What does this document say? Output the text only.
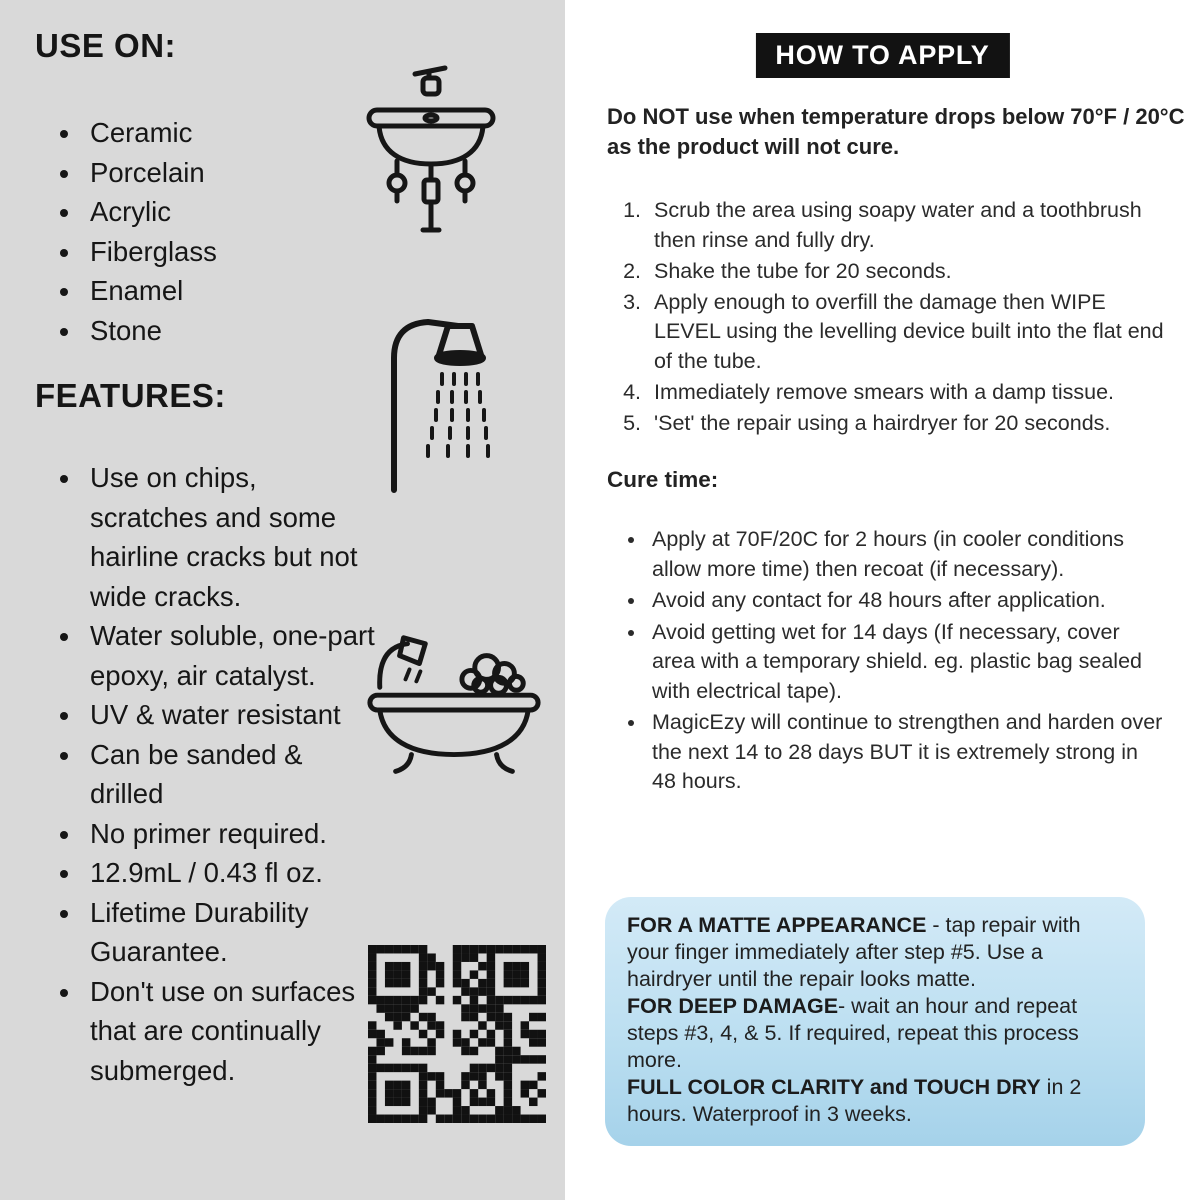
USE ON:
• Ceramic
• Porcelain
• Acrylic
• Fiberglass
• Enamel
• Stone
FEATURES:
• Use on chips, scratches and some hairline cracks but not wide cracks.
• Water soluble, one-part epoxy, air catalyst.
• UV & water resistant
• Can be sanded & drilled
• No primer required.
• 12.9mL / 0.43 fl oz.
• Lifetime Durability Guarantee.
• Don't use on surfaces that are continually submerged.
HOW TO APPLY

Do NOT use when temperature drops below 70°F / 20°C as the product will not cure.

1. Scrub the area using soapy water and a toothbrush then rinse and fully dry.
2. Shake the tube for 20 seconds.
3. Apply enough to overfill the damage then WIPE LEVEL using the levelling device built into the flat end of the tube.
4. Immediately remove smears with a damp tissue.
5. 'Set' the repair using a hairdryer for 20 seconds.
Cure time:
• Apply at 70F/20C for 2 hours (in cooler conditions allow more time) then recoat (if necessary).
• Avoid any contact for 48 hours after application.
• Avoid getting wet for 14 days (If necessary, cover area with a temporary shield. eg. plastic bag sealed with electrical tape).
• MagicEzy will continue to strengthen and harden over the next 14 to 28 days BUT it is extremely strong in 48 hours.

FOR A MATTE APPEARANCE - tap repair with your finger immediately after step #5. Use a hairdryer until the repair looks matte.

FOR DEEP DAMAGE- wait an hour and repeat steps #3, 4, & 5. If required, repeat this process more.

FULL COLOR CLARITY and TOUCH DRY in 2 hours. Waterproof in 3 weeks.
